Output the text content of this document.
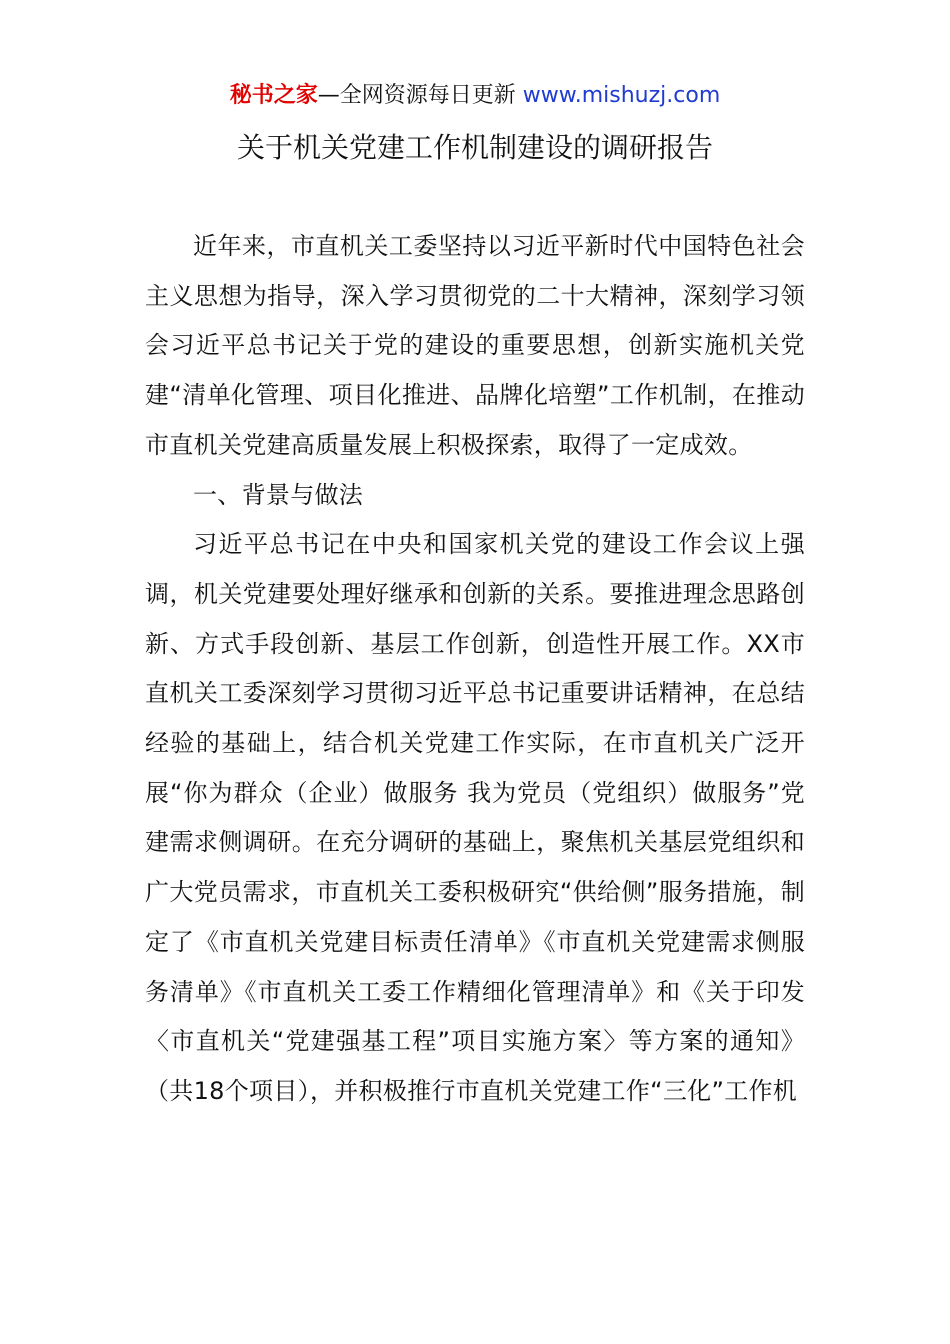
秘书之家—全网资源每日更新 www.mishuzj.com
关于机关党建工作机制建设的调研报告

近年来，市直机关工委坚持以习近平新时代中国特色社会主义思想为指导，深入学习贯彻党的二十大精神，深刻学习领会习近平总书记关于党的建设的重要思想，创新实施机关党建“清单化管理、项目化推进、品牌化培塑”工作机制，在推动市直机关党建高质量发展上积极探索，取得了一定成效。

一、背景与做法

习近平总书记在中央和国家机关党的建设工作会议上强调，机关党建要处理好继承和创新的关系。要推进理念思路创新、方式手段创新、基层工作创新，创造性开展工作。XX市直机关工委深刻学习贯彻习近平总书记重要讲话精神，在总结经验的基础上，结合机关党建工作实际，在市直机关广泛开展“你为群众（企业）做服务 我为党员（党组织）做服务”党建需求侧调研。在充分调研的基础上，聚焦机关基层党组织和广大党员需求，市直机关工委积极研究“供给侧”服务措施，制定了《市直机关党建目标责任清单》《市直机关党建需求侧服务清单》《市直机关工委工作精细化管理清单》和《关于印发〈市直机关“党建强基工程”项目实施方案〉等方案的通知》（共18个项目），并积极推行市直机关党建工作“三化”工作机
